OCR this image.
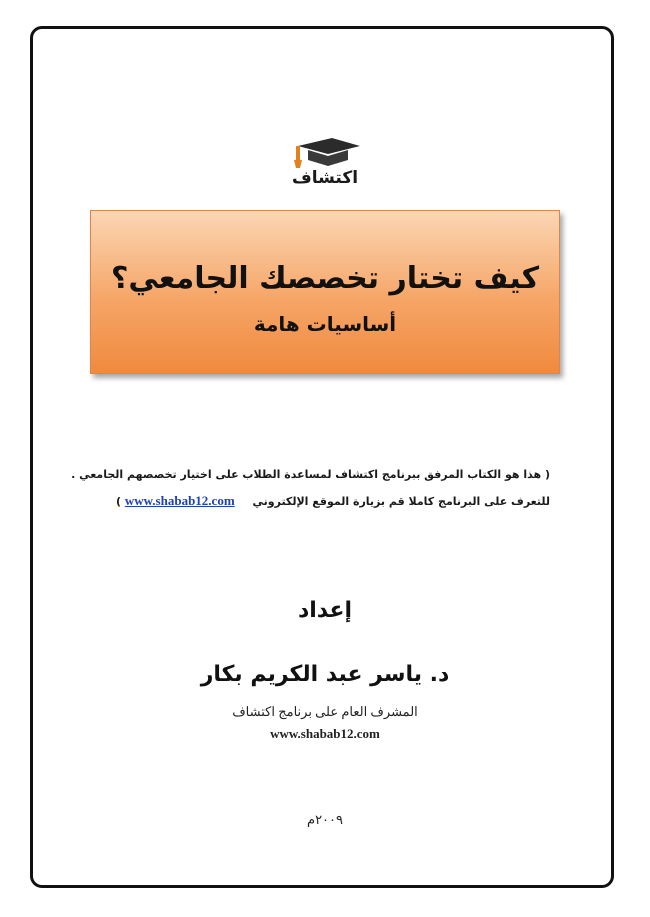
اكتشاف
كيف تختار تخصصك الجامعي؟
أساسيات هامة
( هذا هو الكتاب المرفق ببرنامج اكتشاف لمساعدة الطلاب على اختيار تخصصهم الجامعي .
للتعرف على البرنامج كاملا قم بزيارة الموقع الإلكتروني www.shabab12.com )
إعداد
د. ياسر عبد الكريم بكار
المشرف العام على برنامج اكتشاف
www.shabab12.com
٢٠٠٩م
